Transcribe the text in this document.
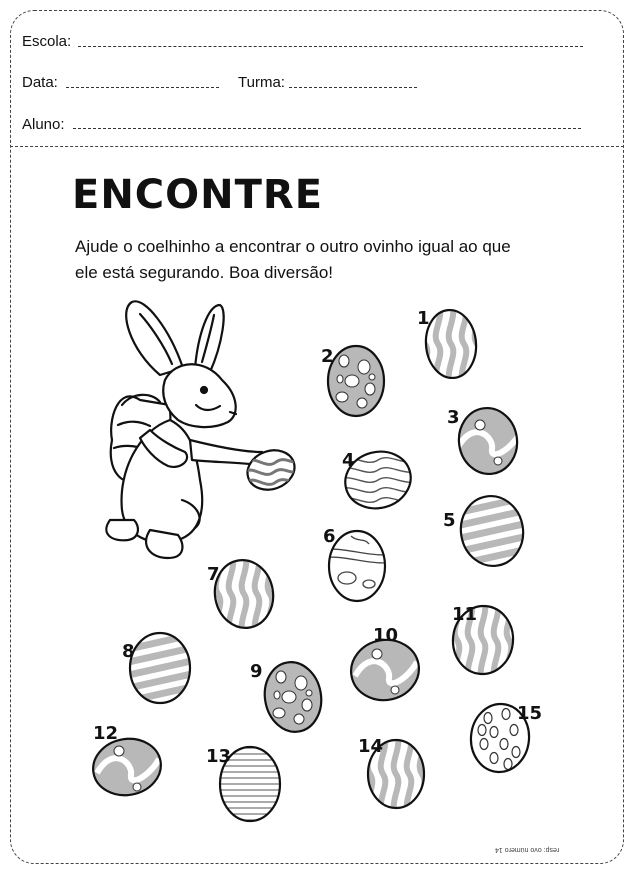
Escola:
Data:	Turma:
Aluno:
ENCONTRE
Ajude o coelhinho a encontrar o outro ovinho igual ao que
ele está segurando. Boa diversão!
1
2
3
4
5
6
7
8
9
10
11
12
13	14
15
resp: ovo número 14
